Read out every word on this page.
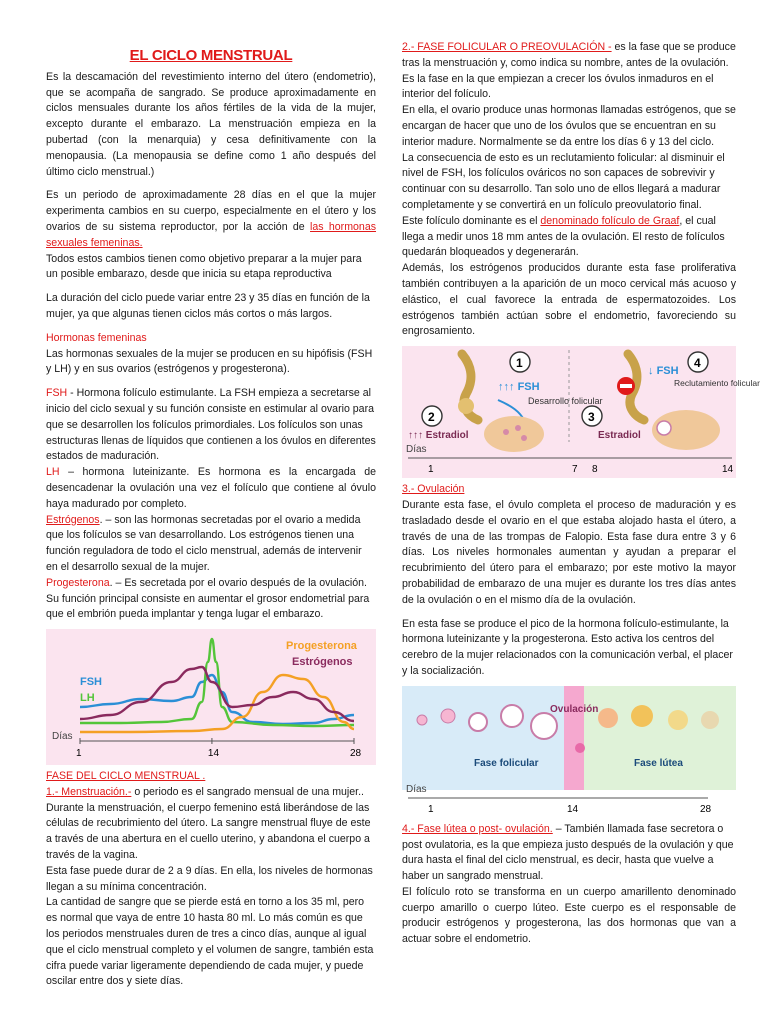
EL CICLO MENSTRUAL

Es la descamación del revestimiento interno del útero (endometrio), que se acompaña de sangrado. Se produce aproximadamente en ciclos mensuales durante los años fértiles de la vida de la mujer, excepto durante el embarazo. La menstruación empieza en la pubertad (con la menarquia) y cesa definitivamente con la menopausia. (La menopausia se define como 1 año después del último ciclo menstrual.)

Es un periodo de aproximadamente 28 días en el que la mujer experimenta cambios en su cuerpo, especialmente en el útero y los ovarios de su sistema reproductor, por la acción de las hormonas sexuales femeninas.

Todos estos cambios tienen como objetivo preparar a la mujer para un posible embarazo, desde que inicia su etapa reproductiva

La duración del ciclo puede variar entre 23 y 35 días en función de la mujer, ya que algunas tienen ciclos más cortos o más largos.

Hormonas femeninas

Las hormonas sexuales de la mujer se producen en su hipófisis (FSH y LH) y en sus ovarios (estrógenos y progesterona).

FSH - Hormona folículo estimulante. La FSH empieza a secretarse al inicio del ciclo sexual y su función consiste en estimular al ovario para que se desarrollen los folículos primordiales. Los folículos son unas estructuras llenas de líquidos que contienen a los óvulos en diferentes estados de maduración.

LH – hormona luteinizante. Es hormona es la encargada de desencadenar la ovulación una vez el folículo que contiene al óvulo haya madurado por completo.

Estrógenos. – son las hormonas secretadas por el ovario a medida que los folículos se van desarrollando. Los estrógenos tienen una función reguladora de todo el ciclo menstrual, además de intervenir en el desarrollo sexual de la mujer.

Progesterona. – Es secretada por el ovario después de la ovulación. Su función principal consiste en aumentar el grosor endometrial para que el embrión pueda implantar y tenga lugar el embarazo.

1	14	28
Días
Progesterona
Estrógenos
FSH
LH

FASE DEL CICLO MENSTRUAL .

1.- Menstruación.- o periodo es el sangrado mensual de una mujer.. Durante la menstruación, el cuerpo femenino está liberándose de las células de recubrimiento del útero. La sangre menstrual fluye de este a través de una abertura en el cuello uterino, y abandona el cuerpo a través de la vagina.

Esta fase puede durar de 2 a 9 días. En ella, los niveles de hormonas llegan a su mínima concentración.

La cantidad de sangre que se pierde está en torno a los 35 ml, pero es normal que vaya de entre 10 hasta 80 ml. Lo más común es que los periodos menstruales duren de tres a cinco días, aunque al igual que el ciclo menstrual completo y el volumen de sangre, también esta cifra puede variar ligeramente dependiendo de cada mujer, y puede oscilar entre dos y siete días.

2.- FASE FOLICULAR O PREOVULACIÓN - es la fase que se produce tras la menstruación y, como indica su nombre, antes de la ovulación. Es la fase en la que empiezan a crecer los óvulos inmaduros en el interior del folículo.

En ella, el ovario produce unas hormonas llamadas estrógenos, que se encargan de hacer que uno de los óvulos que se encuentran en su interior madure. Normalmente se da entre los días 6 y 13 del ciclo.

La consecuencia de esto es un reclutamiento folicular: al disminuir el nivel de FSH, los folículos ováricos no son capaces de sobrevivir y continuar con su desarrollo. Tan solo uno de ellos llegará a madurar completamente y se convertirá en un folículo preovulatorio final.

Este folículo dominante es el denominado folículo de Graaf, el cual llega a medir unos 18 mm antes de la ovulación. El resto de folículos quedarán bloqueados y degenerarán.

Además, los estrógenos producidos durante esta fase proliferativa también contribuyen a la aparición de un moco cervical más acuoso y elástico, el cual favorece la entrada de espermatozoides. Los estrógenos también actúan sobre el endometrio, favoreciendo su engrosamiento.

1
↑↑↑ FSH
Desarrollo folicular
2
↑↑↑ Estradiol
↓ FSH
4
Reclutamiento folicular
3
Estradiol
Días
1	7 8	14

3.- Ovulación

Durante esta fase, el óvulo completa el proceso de maduración y es trasladado desde el ovario en el que estaba alojado hasta el útero, a través de una de las trompas de Falopio. Esta fase dura entre 3 y 6 días. Los niveles hormonales aumentan y ayudan a preparar el recubrimiento del útero para el embarazo; por este motivo la mayor probabilidad de embarazo de una mujer es durante los tres días antes de la ovulación o en el mismo día de la ovulación.

En esta fase se produce el pico de la hormona folículo-estimulante, la hormona luteinizante y la progesterona. Esto activa los centros del cerebro de la mujer relacionados con la comunicación verbal, el placer y la socialización.

Ovulación
Fase folicular	Fase lútea
Días
1	14	28

4.- Fase lútea o post- ovulación. – También llamada fase secretora o post ovulatoria, es la que empieza justo después de la ovulación y que dura hasta el final del ciclo menstrual, es decir, hasta que vuelve a haber un sangrado menstrual.

El folículo roto se transforma en un cuerpo amarillento denominado cuerpo amarillo o cuerpo lúteo. Este cuerpo es el responsable de producir estrógenos y progesterona, las dos hormonas que van a actuar sobre el endometrio.
